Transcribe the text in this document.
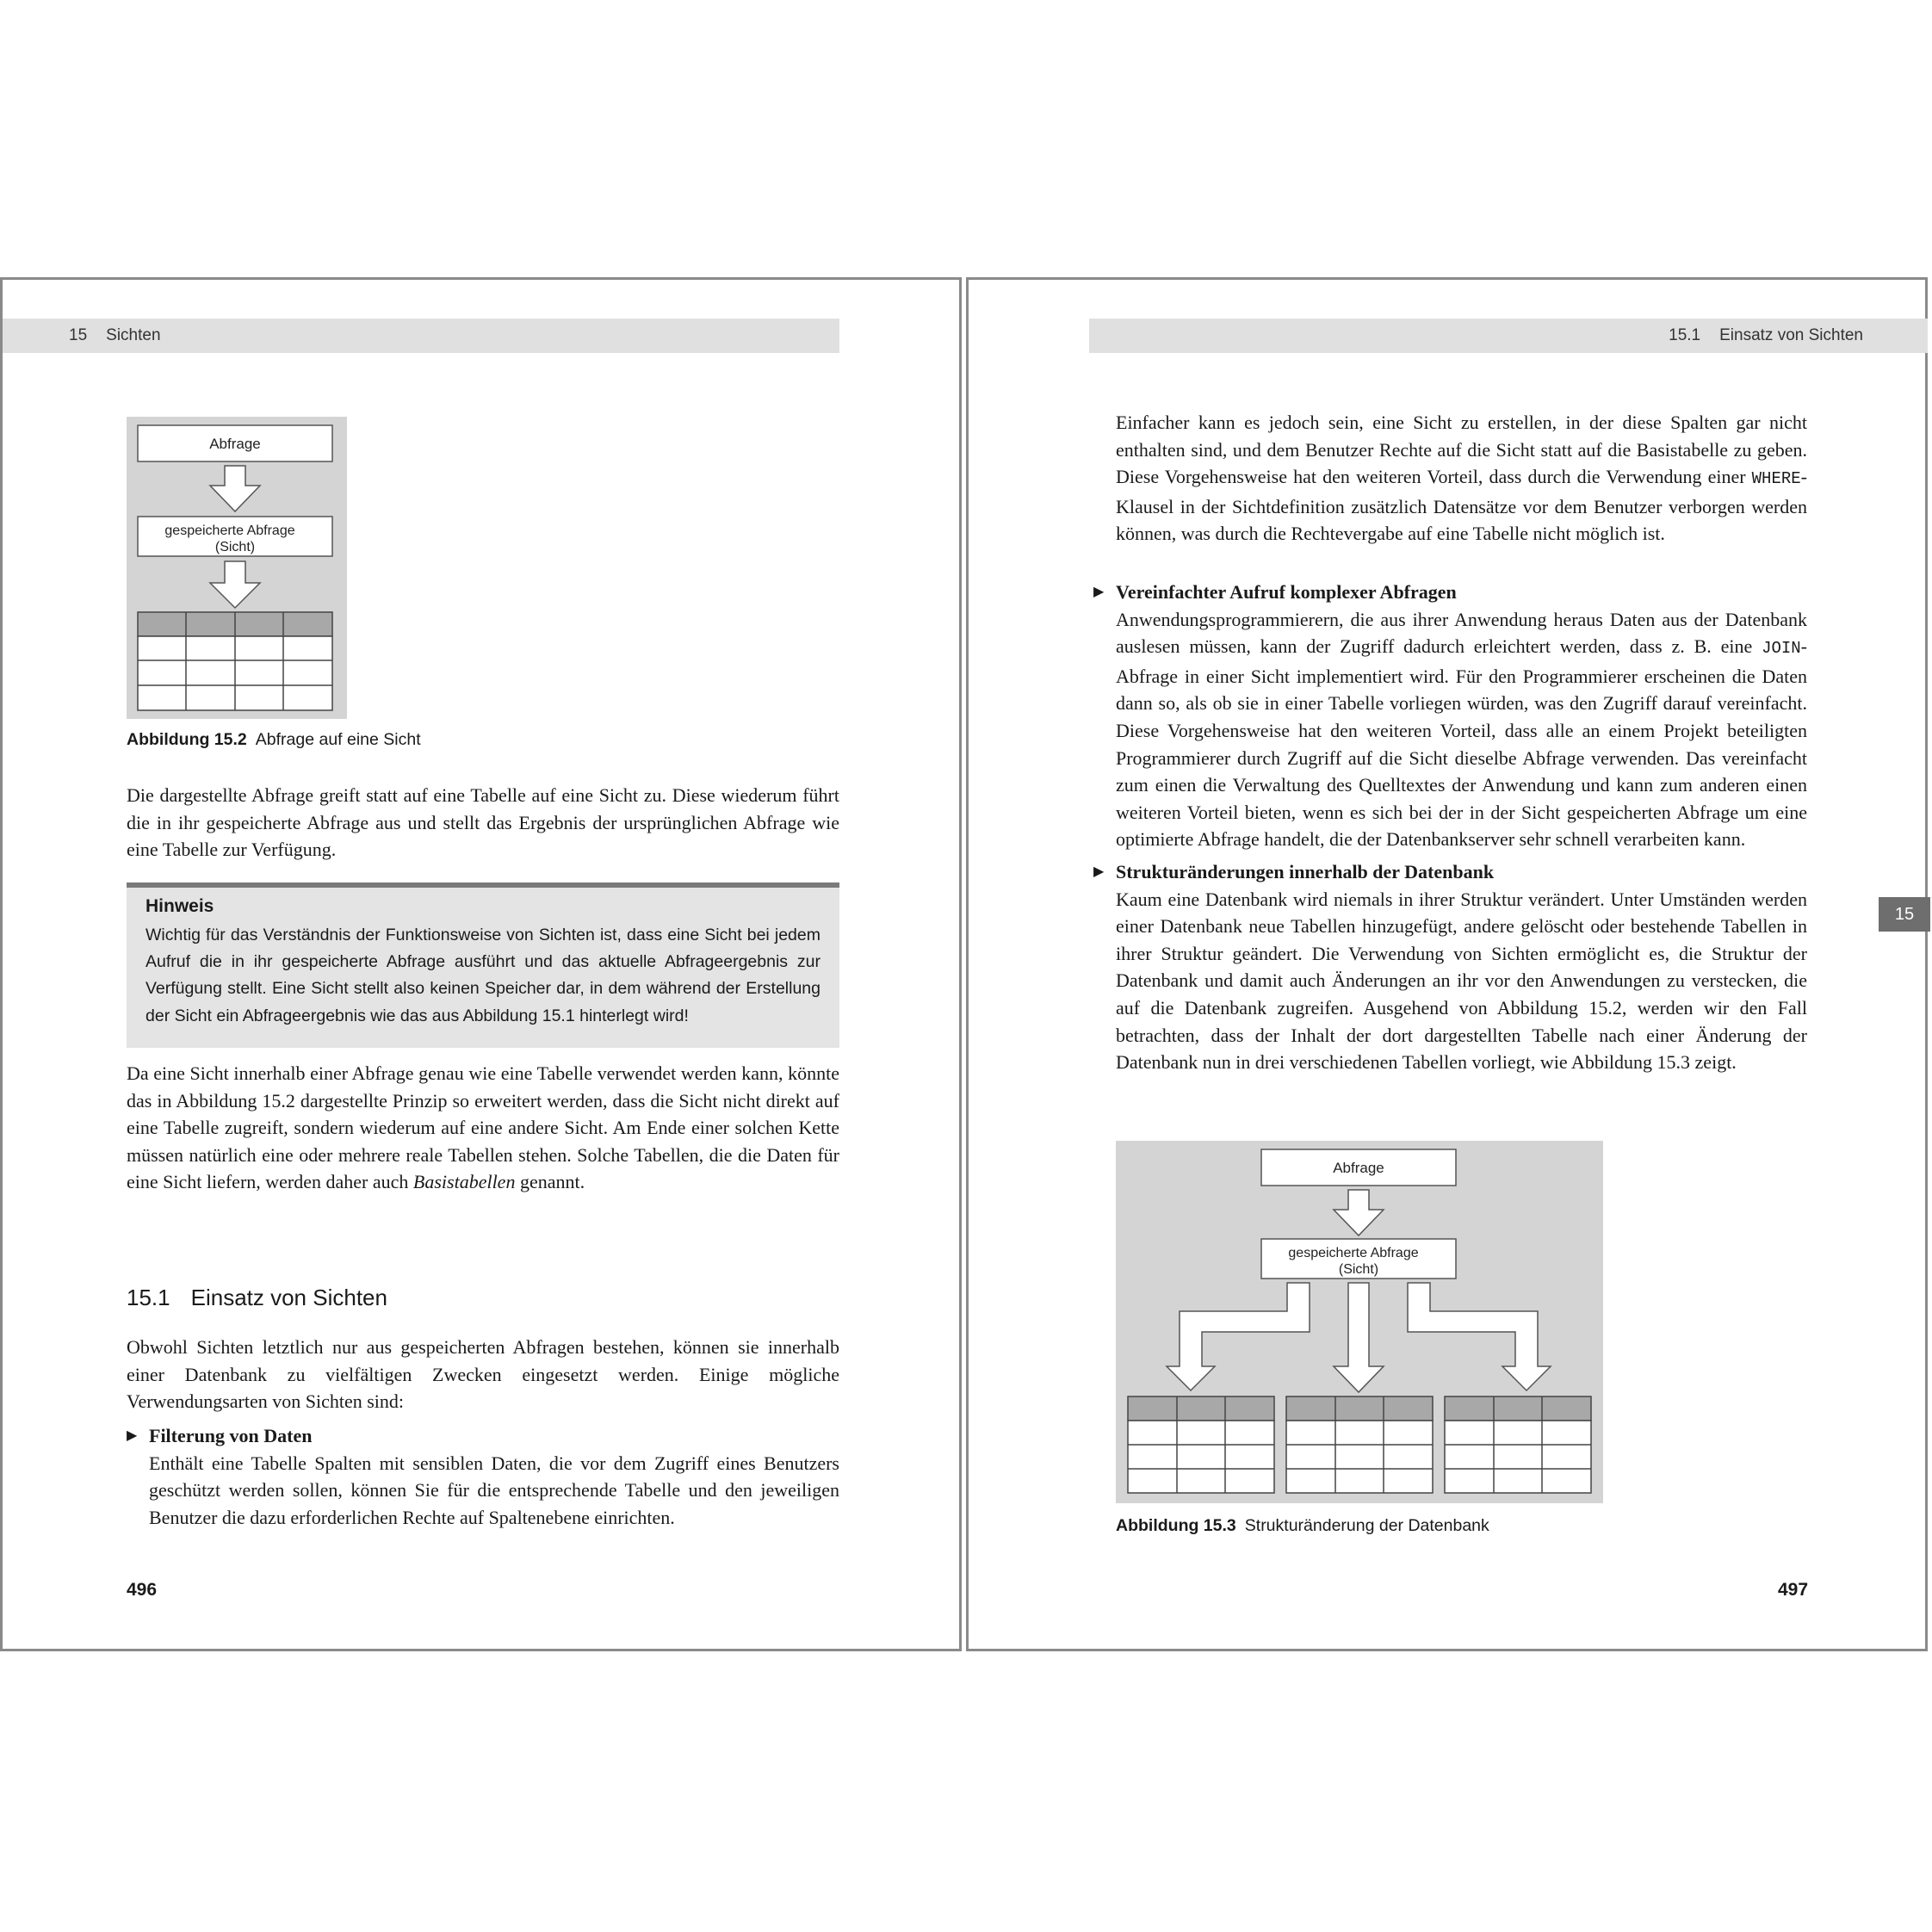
15 Sichten
Abfrage
gespeicherte Abfrage
(Sicht)
Abbildung 15.2 Abfrage auf eine Sicht

Die dargestellte Abfrage greift statt auf eine Tabelle auf eine Sicht zu. Diese wiederum führt die in ihr gespeicherte Abfrage aus und stellt das Ergebnis der ursprünglichen Abfrage wie eine Tabelle zur Verfügung.

Hinweis
Wichtig für das Verständnis der Funktionsweise von Sichten ist, dass eine Sicht bei jedem Aufruf die in ihr gespeicherte Abfrage ausführt und das aktuelle Abfrageergebnis zur Verfügung stellt. Eine Sicht stellt also keinen Speicher dar, in dem während der Erstellung der Sicht ein Abfrageergebnis wie das aus Abbildung 15.1 hinterlegt wird!

Da eine Sicht innerhalb einer Abfrage genau wie eine Tabelle verwendet werden kann, könnte das in Abbildung 15.2 dargestellte Prinzip so erweitert werden, dass die Sicht nicht direkt auf eine Tabelle zugreift, sondern wiederum auf eine andere Sicht. Am Ende einer solchen Kette müssen natürlich eine oder mehrere reale Tabellen stehen. Solche Tabellen, die die Daten für eine Sicht liefern, werden daher auch Basistabellen genannt.

15.1 Einsatz von Sichten

Obwohl Sichten letztlich nur aus gespeicherten Abfragen bestehen, können sie innerhalb einer Datenbank zu vielfältigen Zwecken eingesetzt werden. Einige mögliche Verwendungsarten von Sichten sind:

▶ Filterung von Daten
Enthält eine Tabelle Spalten mit sensiblen Daten, die vor dem Zugriff eines Benutzers geschützt werden sollen, können Sie für die entsprechende Tabelle und den jeweiligen Benutzer die dazu erforderlichen Rechte auf Spaltenebene einrichten.
496
15.1 Einsatz von Sichten

Einfacher kann es jedoch sein, eine Sicht zu erstellen, in der diese Spalten gar nicht enthalten sind, und dem Benutzer Rechte auf die Sicht statt auf die Basistabelle zu geben. Diese Vorgehensweise hat den weiteren Vorteil, dass durch die Verwendung einer WHERE-Klausel in der Sichtdefinition zusätzlich Datensätze vor dem Benutzer verborgen werden können, was durch die Rechtevergabe auf eine Tabelle nicht möglich ist.

▶ Vereinfachter Aufruf komplexer Abfragen
Anwendungsprogrammierern, die aus ihrer Anwendung heraus Daten aus der Datenbank auslesen müssen, kann der Zugriff dadurch erleichtert werden, dass z. B. eine JOIN-Abfrage in einer Sicht implementiert wird. Für den Programmierer erscheinen die Daten dann so, als ob sie in einer Tabelle vorliegen würden, was den Zugriff darauf vereinfacht. Diese Vorgehensweise hat den weiteren Vorteil, dass alle an einem Projekt beteiligten Programmierer durch Zugriff auf die Sicht dieselbe Abfrage verwenden. Das vereinfacht zum einen die Verwaltung des Quelltextes der Anwendung und kann zum anderen einen weiteren Vorteil bieten, wenn es sich bei der in der Sicht gespeicherten Abfrage um eine optimierte Abfrage handelt, die der Datenbankserver sehr schnell verarbeiten kann.
▶ Strukturänderungen innerhalb der Datenbank
Kaum eine Datenbank wird niemals in ihrer Struktur verändert. Unter Umständen werden einer Datenbank neue Tabellen hinzugefügt, andere gelöscht oder bestehende Tabellen in ihrer Struktur geändert. Die Verwendung von Sichten ermöglicht es, die Struktur der Datenbank und damit auch Änderungen an ihr vor den Anwendungen zu verstecken, die auf die Datenbank zugreifen. Ausgehend von Abbildung 15.2, werden wir den Fall betrachten, dass der Inhalt der dort dargestellten Tabelle nach einer Änderung der Datenbank nun in drei verschiedenen Tabellen vorliegt, wie Abbildung 15.3 zeigt.
Abfrage
gespeicherte Abfrage
(Sicht)
Abbildung 15.3 Strukturänderung der Datenbank
15
497
